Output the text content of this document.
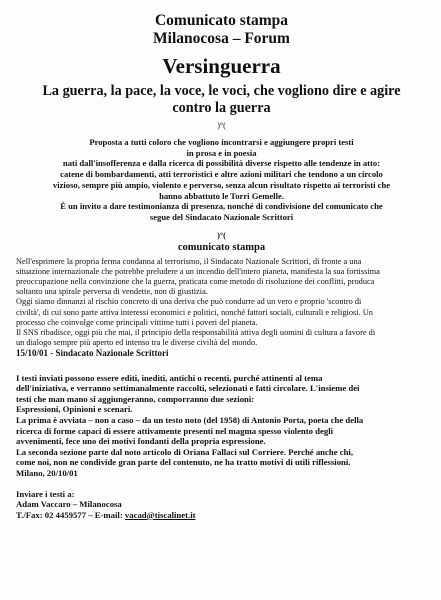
Comunicato stampa
Milanocosa – Forum
Versinguerra
La guerra, la pace, la voce, le voci, che vogliono dire e agire
contro la guerra
)°(
Proposta a tutti coloro che vogliono incontrarsi e aggiungere propri testi
in prosa e in poesia
nati dall'insofferenza e dalla ricerca di possibilità diverse rispetto alle tendenze in atto:
catene di bombardamenti, atti terroristici e altre azioni militari che tendono a un circolo
vizioso, sempre più ampio, violento e perverso, senza alcun risultato rispetto ai terroristi che
hanno abbattuto le Torri Gemelle.
È un invito a dare testimonianza di presenza, nonché di condivisione del comunicato che
segue del Sindacato Nazionale Scrittori
)°(
comunicato stampa

Nell'esprimere la propria ferma condanna al terrorismo, il Sindacato Nazionale Scrittori, di fronte a una

situazione internazionale che potrebbe preludere a un incendio dell'intero pianeta, manifesta la sua fortissima

preoccupazione nella convinzione che la guerra, praticata come metodo di risoluzione dei conflitti, produca

soltanto una spirale perversa di vendette, non di giustizia.

Oggi siamo dinnanzi al rischio concreto di una deriva che può condurre ad un vero e proprio 'scontro di

civiltà', di cui sono parte attiva interessi economici e politici, nonché fattori sociali, culturali e religiosi. Un

processo che coinvolge come principali vittime tutti i poveri del pianeta.

Il SNS ribadisce, oggi più che mai, il principio della responsabilità attiva degli uomini di cultura a favore di

un dialogo sempre più aperto ed intenso tra le diverse civiltà del mondo.

15/10/01 - Sindacato Nazionale Scrittori

I testi inviati possono essere editi, inediti, antichi o recenti, purché attinenti al tema

dell'iniziativa, e verranno settimanalmente raccolti, selezionati e fatti circolare. L'insieme dei

testi che man mano si aggiungeranno, comporranno due sezioni:

Espressioni, Opinioni e scenari.

La prima è avviata – non a caso – da un testo noto (del 1958) di Antonio Porta, poeta che della

ricerca di forme capaci di essere attivamente presenti nel magma spesso violento degli

avvenimenti, fece uno dei motivi fondanti della propria espressione.

La seconda sezione parte dal noto articolo di Oriana Fallaci sul Corriere. Perché anche chi,

come noi, non ne condivide gran parte del contenuto, ne ha tratto motivi di utili riflessioni.

Milano, 20/10/01

Inviare i testi a:

Adam Vaccaro – Milanocosa

T./Fax: 02 4459577 – E-mail: vacad@tiscalinet.it
